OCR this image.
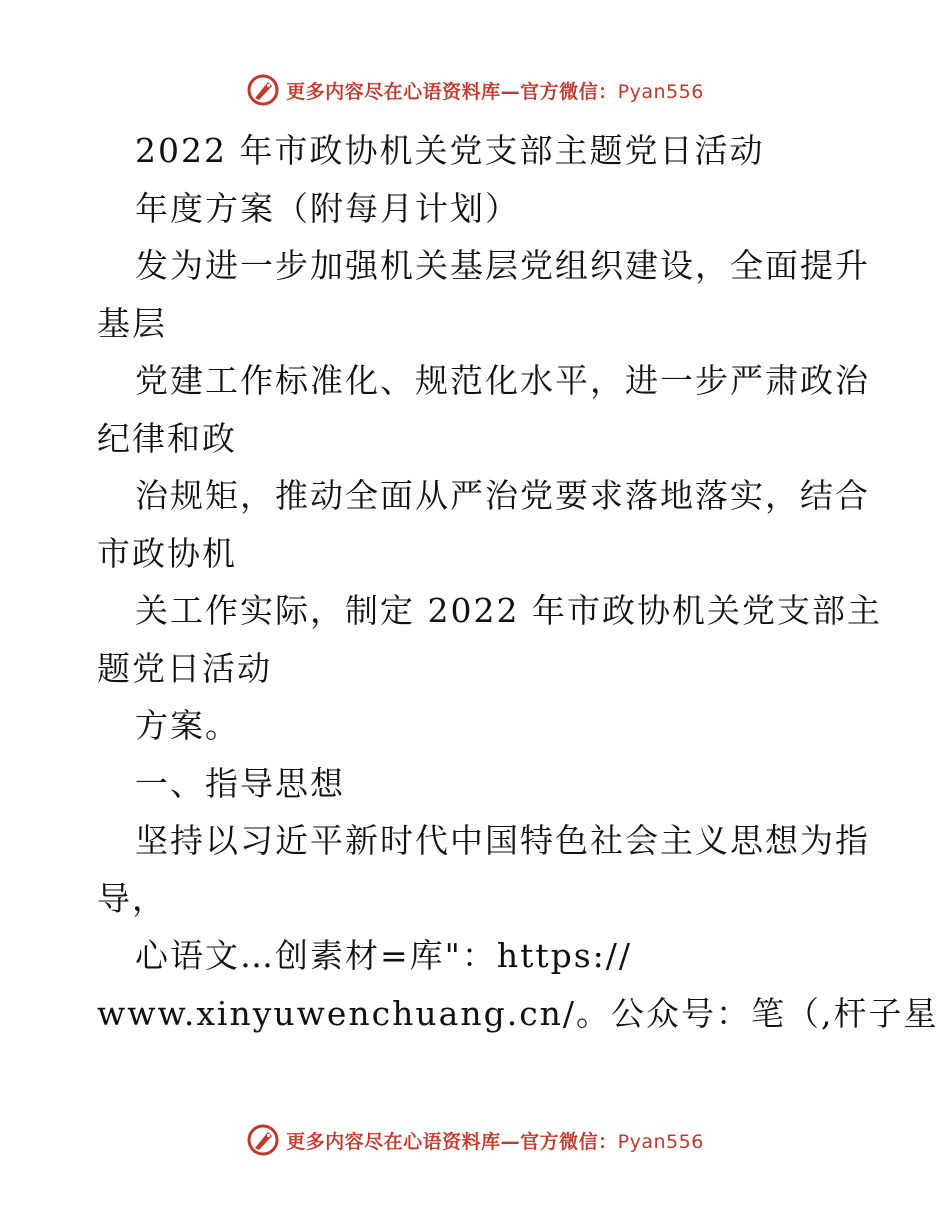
更多内容尽在心语资料库—官方微信：Pyan556

2022 年市政协机关党支部主题党日活动

年度方案（附每月计划）

发为进一步加强机关基层党组织建设，全面提升

基层

党建工作标准化、规范化水平，进一步严肃政治

纪律和政

治规矩，推动全面从严治党要求落地落实，结合

市政协机

关工作实际，制定 2022 年市政协机关党支部主

题党日活动

方案。

一、指导思想

坚持以习近平新时代中国特色社会主义思想为指

导，

心语文…创素材=库"：https://

www.xinyuwenchuang.cn/。公众号：笔（,杆子星

更多内容尽在心语资料库—官方微信：Pyan556
